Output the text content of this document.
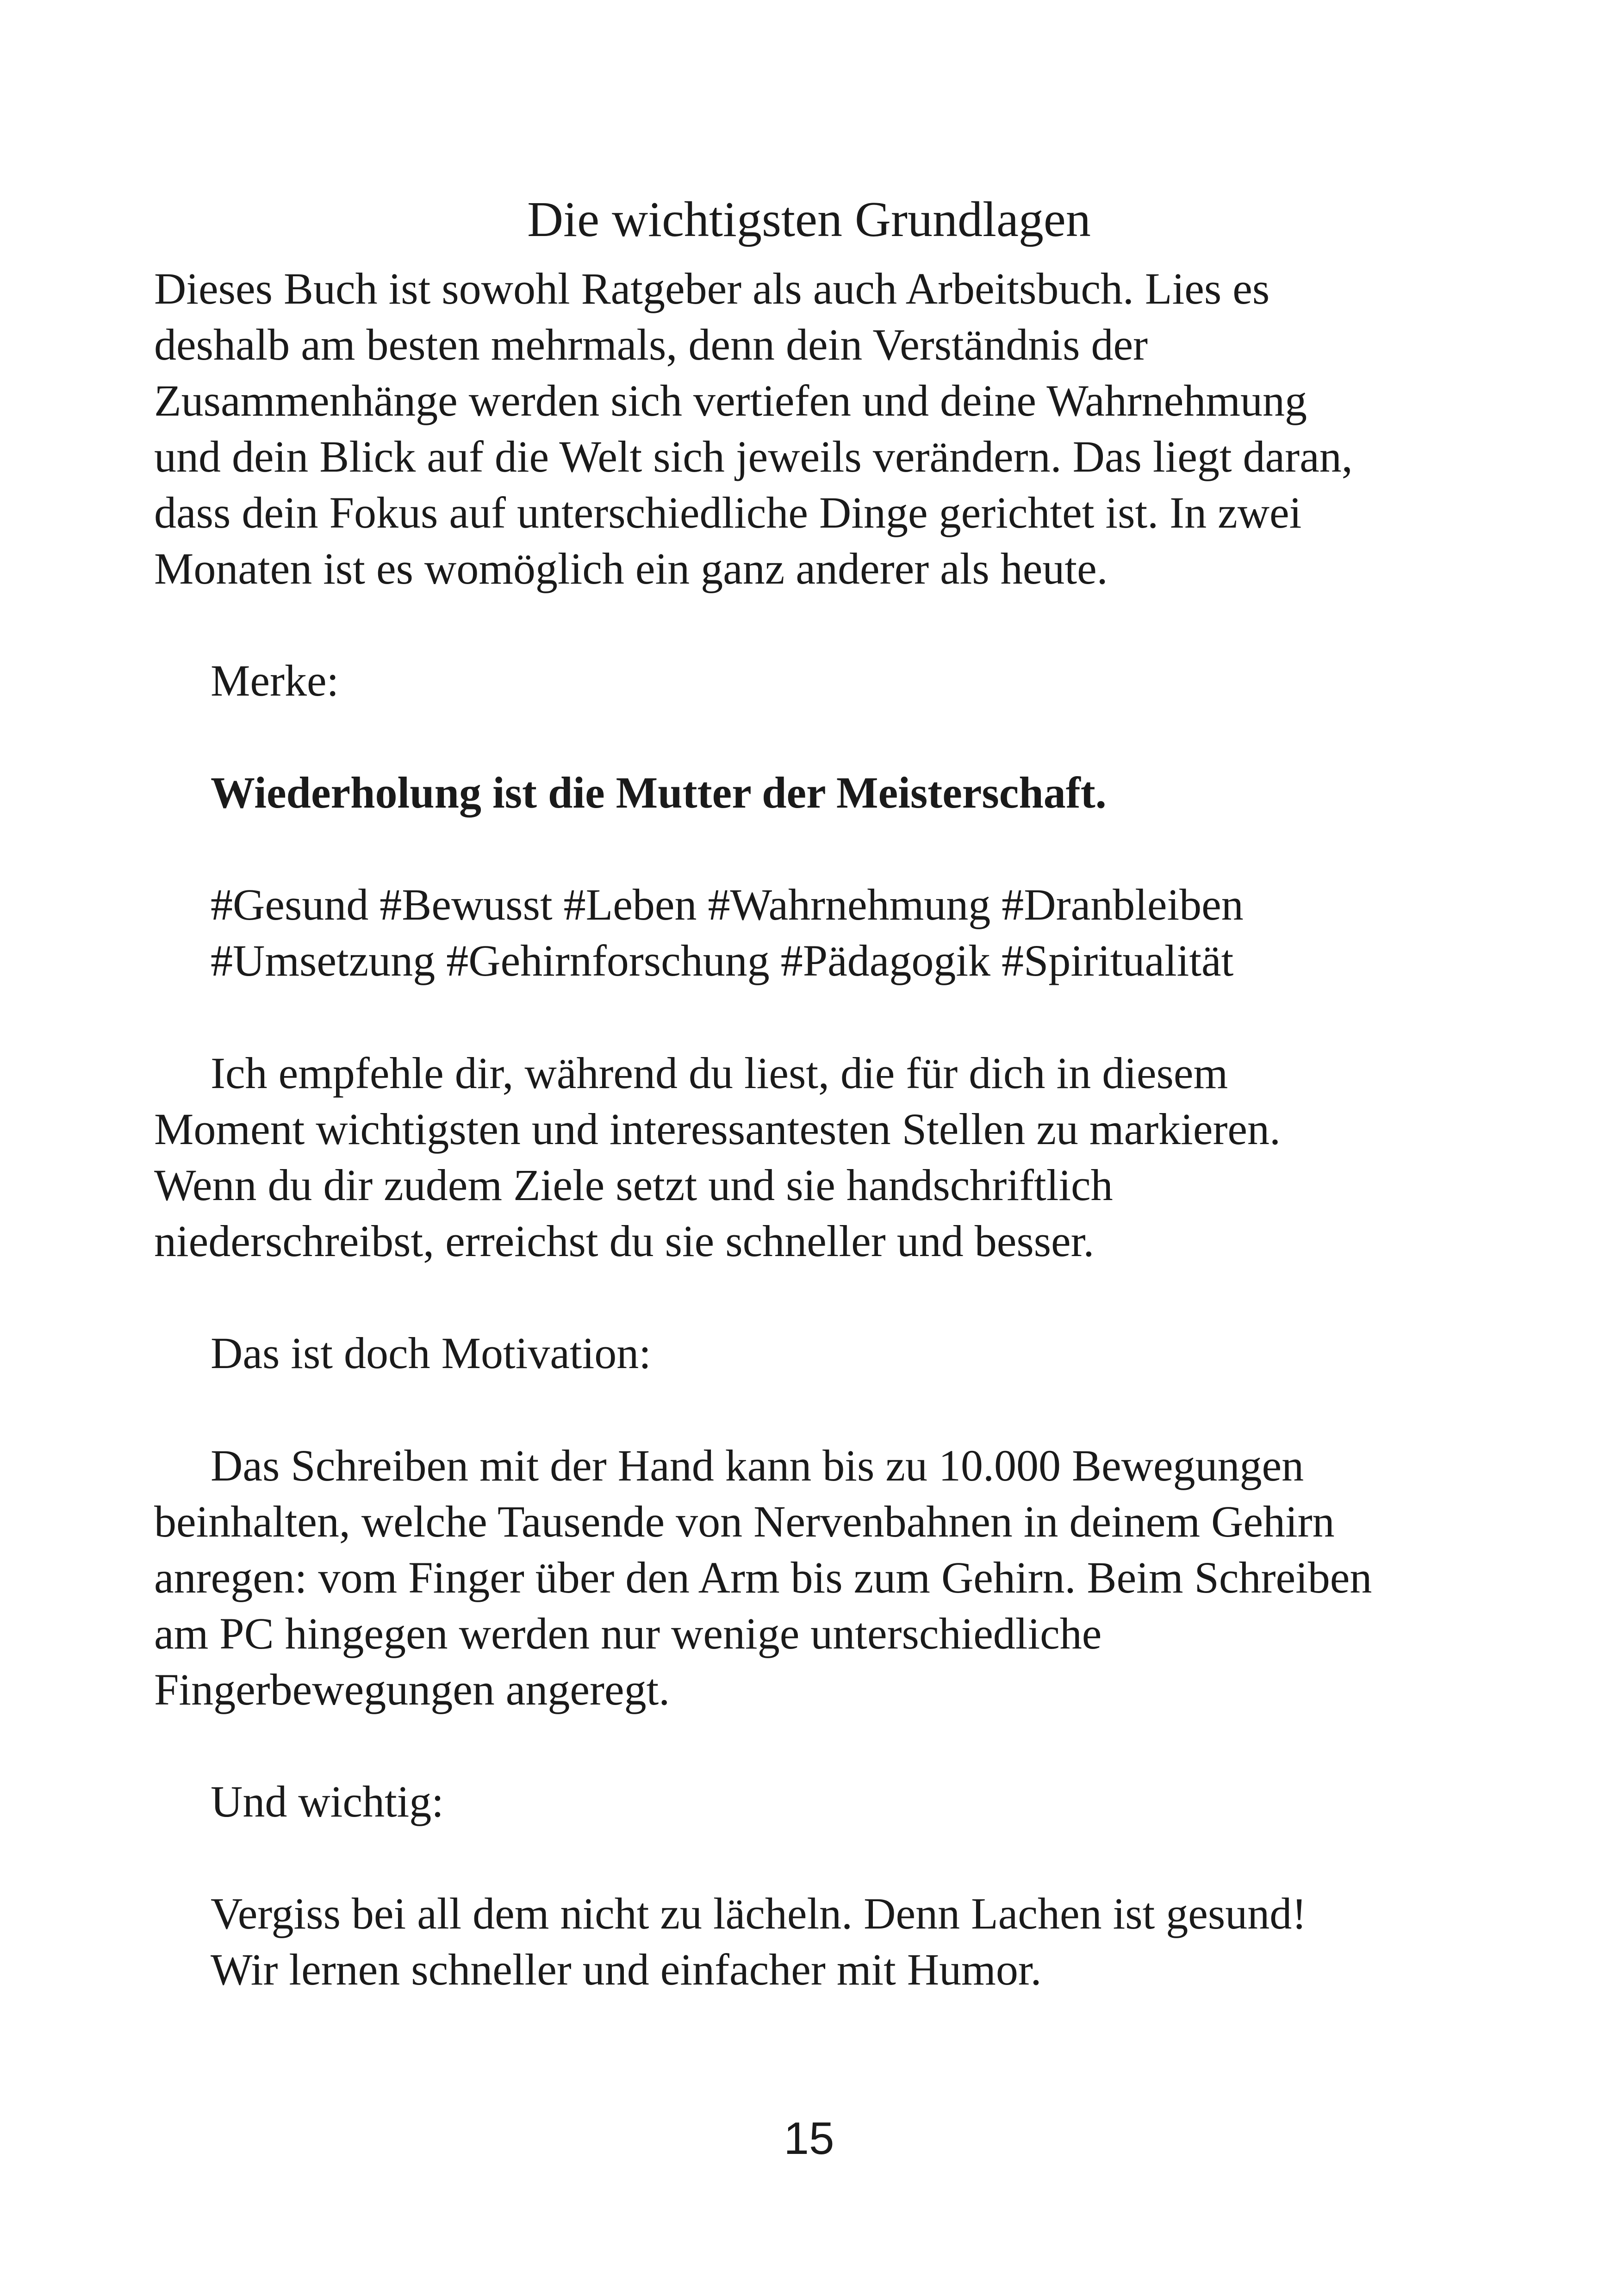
Die wichtigsten Grundlagen
Dieses Buch ist sowohl Ratgeber als auch Arbeitsbuch. Lies es
deshalb am besten mehrmals, denn dein Verständnis der
Zusammenhänge werden sich vertiefen und deine Wahrnehmung
und dein Blick auf die Welt sich jeweils verändern. Das liegt daran,
dass dein Fokus auf unterschiedliche Dinge gerichtet ist. In zwei
Monaten ist es womöglich ein ganz anderer als heute.
Merke:
Wiederholung ist die Mutter der Meisterschaft.
#Gesund #Bewusst #Leben #Wahrnehmung #Dranbleiben
#Umsetzung #Gehirnforschung #Pädagogik #Spiritualität
Ich empfehle dir, während du liest, die für dich in diesem
Moment wichtigsten und interessantesten Stellen zu markieren.
Wenn du dir zudem Ziele setzt und sie handschriftlich
niederschreibst, erreichst du sie schneller und besser.
Das ist doch Motivation:
Das Schreiben mit der Hand kann bis zu 10.000 Bewegungen
beinhalten, welche Tausende von Nervenbahnen in deinem Gehirn
anregen: vom Finger über den Arm bis zum Gehirn. Beim Schreiben
am PC hingegen werden nur wenige unterschiedliche
Fingerbewegungen angeregt.
Und wichtig:
Vergiss bei all dem nicht zu lächeln. Denn Lachen ist gesund!
Wir lernen schneller und einfacher mit Humor.
15
